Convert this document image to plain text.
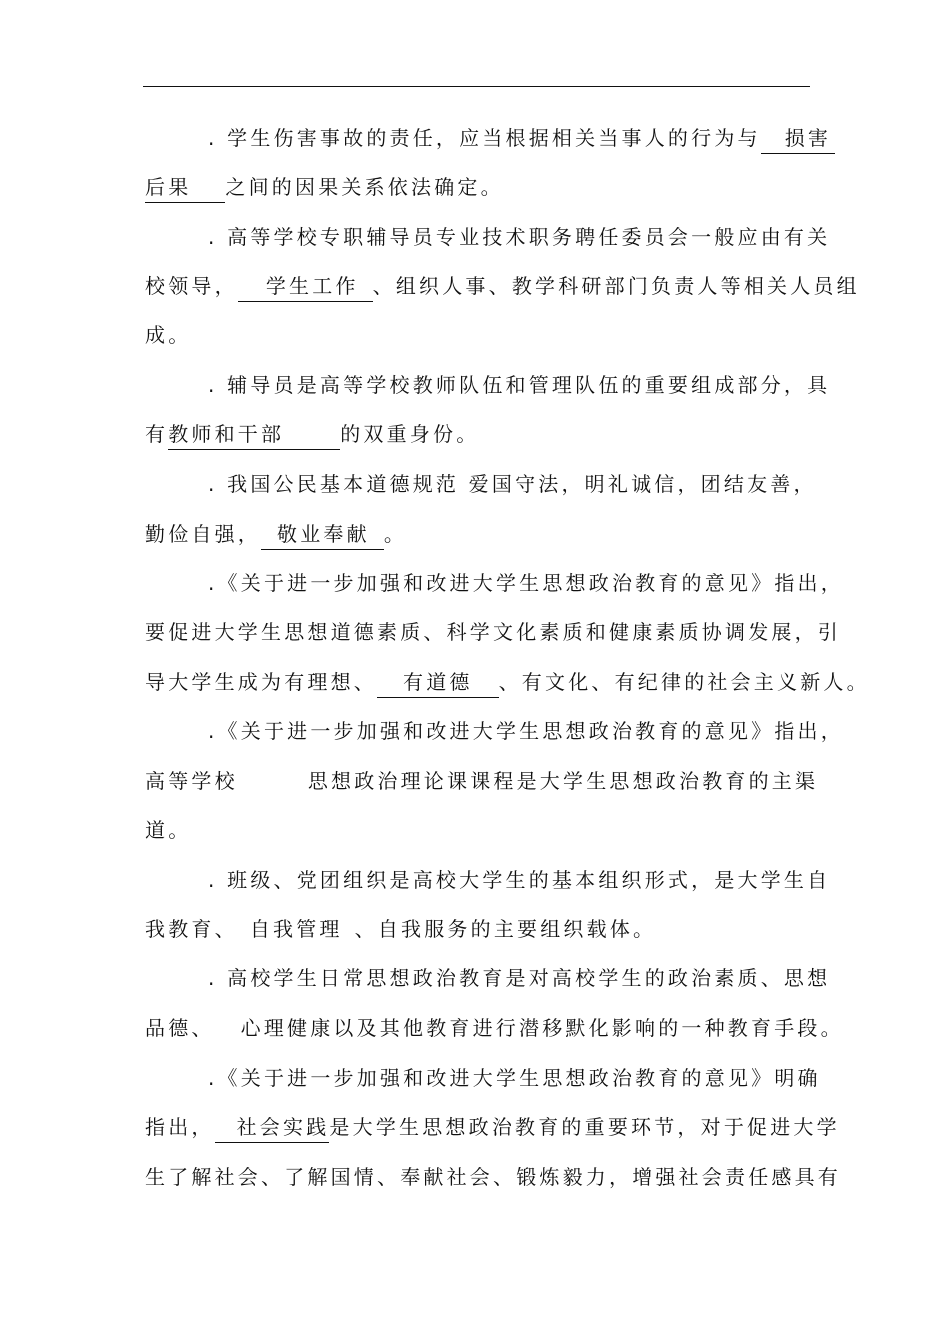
. 学生伤害事故的责任，应当根据相关当事人的行为与 损害
后果 之间的因果关系依法确定。
. 高等学校专职辅导员专业技术职务聘任委员会一般应由有关
校领导， 学生工作 、组织人事、教学科研部门负责人等相关人员组
成。
. 辅导员是高等学校教师队伍和管理队伍的重要组成部分，具
有教师和干部	的双重身份。
. 我国公民基本道德规范 爱国守法，明礼诚信，团结友善，
勤俭自强， 敬业奉献 。
.《关于进一步加强和改进大学生思想政治教育的意见》指出，
要促进大学生思想道德素质、科学文化素质和健康素质协调发展，引
导大学生成为有理想、 有道德 、有文化、有纪律的社会主义新人。
.《关于进一步加强和改进大学生思想政治教育的意见》指出，
高等学校	思想政治理论课课程是大学生思想政治教育的主渠
道。
. 班级、党团组织是高校大学生的基本组织形式，是大学生自
我教育、 自我管理 、自我服务的主要组织载体。
. 高校学生日常思想政治教育是对高校学生的政治素质、思想
品德、 心理健康以及其他教育进行潜移默化影响的一种教育手段。
.《关于进一步加强和改进大学生思想政治教育的意见》明确
指出， 社会实践是大学生思想政治教育的重要环节，对于促进大学
生了解社会、了解国情、奉献社会、锻炼毅力，增强社会责任感具有
